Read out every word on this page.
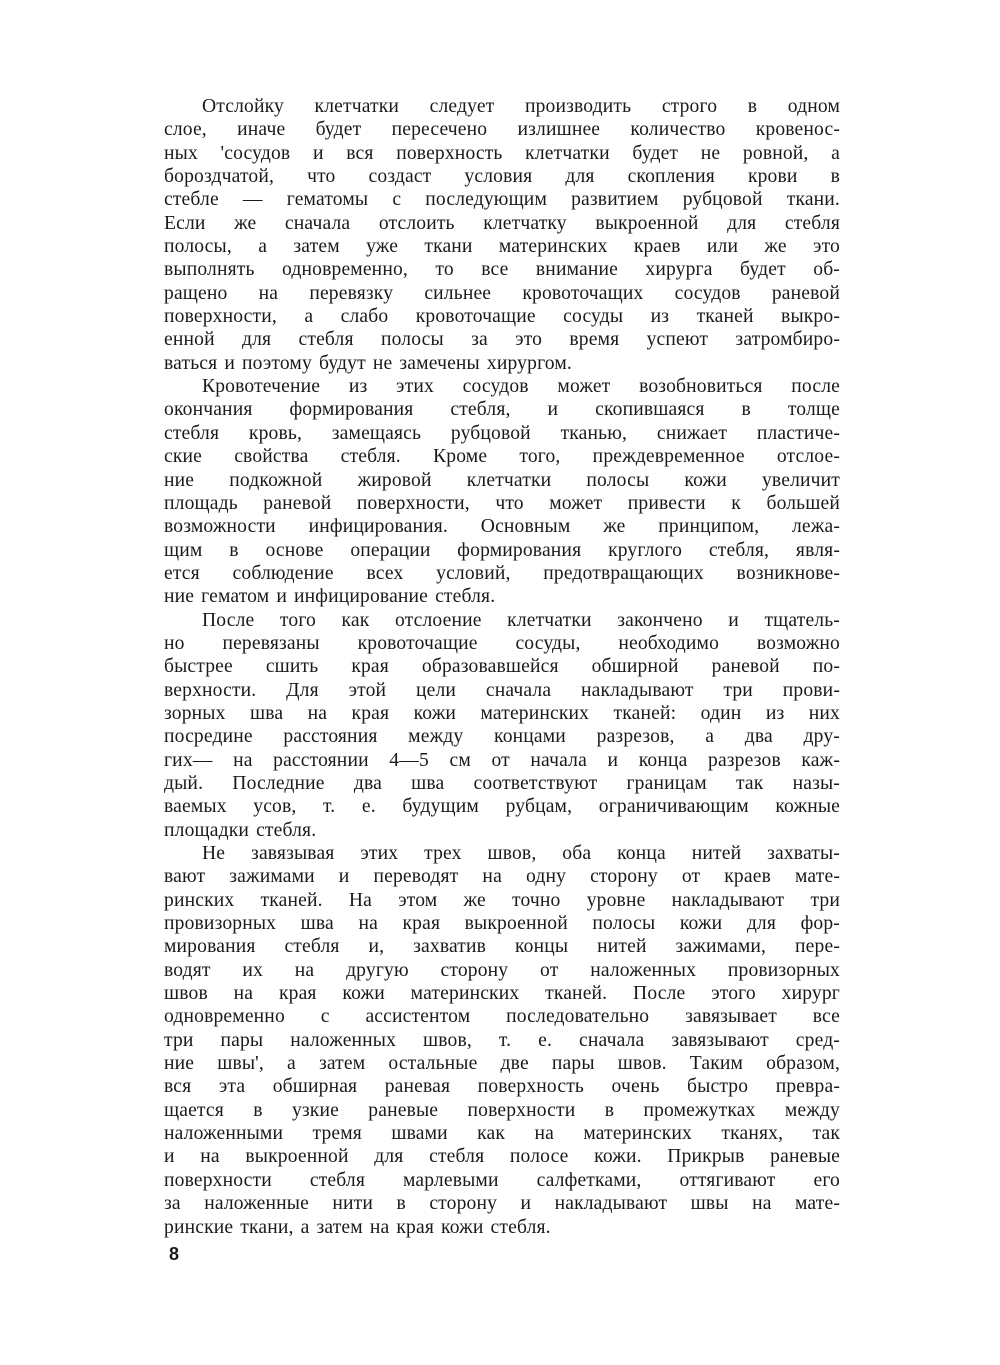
Отслойку клетчатки следует производить строго в одном
слое, иначе будет пересечено излишнее количество кровенос-
ных 'сосудов и вся поверхность клетчатки будет не ровной, а
бороздчатой, что создаст условия для скопления крови в
стебле — гематомы с последующим развитием рубцовой ткани.
Если же сначала отслоить клетчатку выкроенной для стебля
полосы, а затем уже ткани материнских краев или же это
выполнять одновременно, то все внимание хирурга будет об-
ращено на перевязку сильнее кровоточащих сосудов раневой
поверхности, а слабо кровоточащие сосуды из тканей выкро-
енной для стебля полосы за это время успеют затромбиро-
ваться и поэтому будут не замечены хирургом.
Кровотечение из этих сосудов может возобновиться после
окончания формирования стебля, и скопившаяся в толще
стебля кровь, замещаясь рубцовой тканью, снижает пластиче-
ские свойства стебля. Кроме того, преждевременное отслое-
ние подкожной жировой клетчатки полосы кожи увеличит
площадь раневой поверхности, что может привести к большей
возможности инфицирования. Основным же принципом, лежа-
щим в основе операции формирования круглого стебля, явля-
ется соблюдение всех условий, предотвращающих возникнове-
ние гематом и инфицирование стебля.
После того как отслоение клетчатки закончено и тщатель-
но перевязаны кровоточащие сосуды, необходимо возможно
быстрее сшить края образовавшейся обширной раневой по-
верхности. Для этой цели сначала накладывают три прови-
зорных шва на края кожи материнских тканей: один из них
посредине расстояния между концами разрезов, а два дру-
гих— на расстоянии 4—5 см от начала и конца разрезов каж-
дый. Последние два шва соответствуют границам так назы-
ваемых усов, т. е. будущим рубцам, ограничивающим кожные
площадки стебля.
Не завязывая этих трех швов, оба конца нитей захваты-
вают зажимами и переводят на одну сторону от краев мате-
ринских тканей. На этом же точно уровне накладывают три
провизорных шва на края выкроенной полосы кожи для фор-
мирования стебля и, захватив концы нитей зажимами, пере-
водят их на другую сторону от наложенных провизорных
швов на края кожи материнских тканей. После этого хирург
одновременно с ассистентом последовательно завязывает все
три пары наложенных швов, т. е. сначала завязывают сред-
ние швы', а затем остальные две пары швов. Таким образом,
вся эта обширная раневая поверхность очень быстро превра-
щается в узкие раневые поверхности в промежутках между
наложенными тремя швами как на материнских тканях, так
и на выкроенной для стебля полосе кожи. Прикрыв раневые
поверхности стебля марлевыми салфетками, оттягивают его
за наложенные нити в сторону и накладывают швы на мате-
ринские ткани, а затем на края кожи стебля.
8
